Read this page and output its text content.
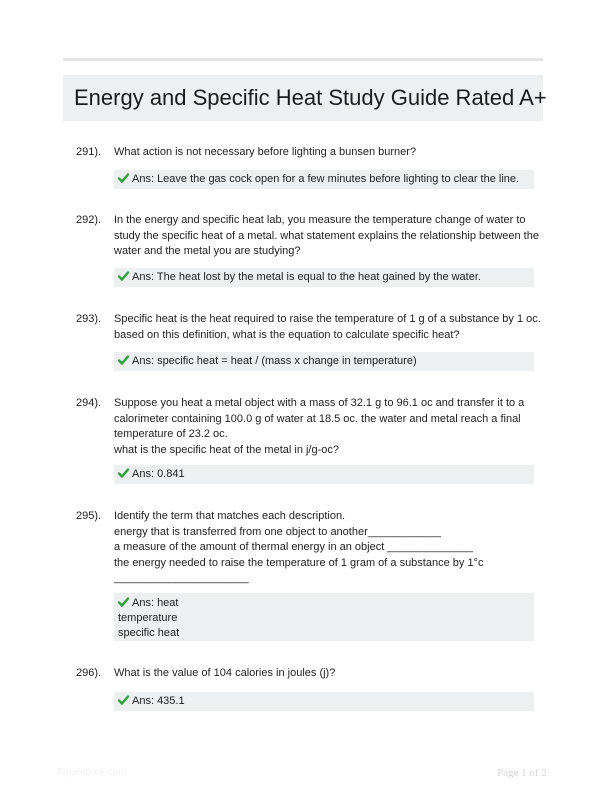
Energy and Specific Heat Study Guide Rated A+
291). What action is not necessary before lighting a bunsen burner?
Ans: Leave the gas cock open for a few minutes before lighting to clear the line.
292). In the energy and specific heat lab, you measure the temperature change of water to
study the specific heat of a metal. what statement explains the relationship between the
water and the metal you are studying?
Ans: The heat lost by the metal is equal to the heat gained by the water.
293). Specific heat is the heat required to raise the temperature of 1 g of a substance by 1 oc.
based on this definition, what is the equation to calculate specific heat?
Ans: specific heat = heat / (mass x change in temperature)
294). Suppose you heat a metal object with a mass of 32.1 g to 96.1 oc and transfer it to a
calorimeter containing 100.0 g of water at 18.5 oc. the water and metal reach a final
temperature of 23.2 oc.
what is the specific heat of the metal in j/g-oc?
Ans: 0.841
295). Identify the term that matches each description.
energy that is transferred from one object to another____________
a measure of the amount of thermal energy in an object ______________
the energy needed to raise the temperature of 1 gram of a substance by 1°c
______________________
Ans: heat
temperature
specific heat
296). What is the value of 104 calories in joules (j)?
Ans: 435.1
Paperdock.com	Page 1 of 2
